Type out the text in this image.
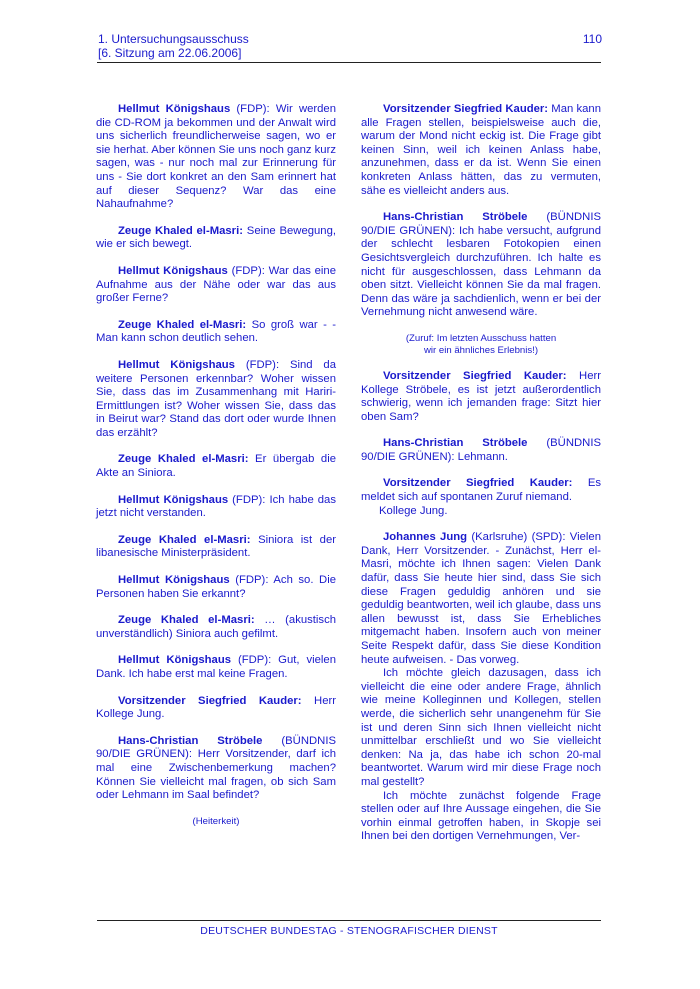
1. Untersuchungsausschuss
[6. Sitzung am 22.06.2006]
110
Hellmut Königshaus (FDP): Wir werden die CD-ROM ja bekommen und der Anwalt wird uns sicherlich freundlicherweise sagen, wo er sie herhat. Aber können Sie uns noch ganz kurz sagen, was - nur noch mal zur Erinnerung für uns - Sie dort konkret an den Sam erinnert hat auf dieser Sequenz? War das eine Nahaufnahme?
Zeuge Khaled el-Masri: Seine Bewegung, wie er sich bewegt.
Hellmut Königshaus (FDP): War das eine Aufnahme aus der Nähe oder war das aus großer Ferne?
Zeuge Khaled el-Masri: So groß war - - Man kann schon deutlich sehen.
Hellmut Königshaus (FDP): Sind da weitere Personen erkennbar? Woher wissen Sie, dass das im Zusammenhang mit Hariri-Ermittlungen ist? Woher wissen Sie, dass das in Beirut war? Stand das dort oder wurde Ihnen das erzählt?
Zeuge Khaled el-Masri: Er übergab die Akte an Siniora.
Hellmut Königshaus (FDP): Ich habe das jetzt nicht verstanden.
Zeuge Khaled el-Masri: Siniora ist der libanesische Ministerpräsident.
Hellmut Königshaus (FDP): Ach so. Die Personen haben Sie erkannt?
Zeuge Khaled el-Masri: … (akustisch unverständlich) Siniora auch gefilmt.
Hellmut Königshaus (FDP): Gut, vielen Dank. Ich habe erst mal keine Fragen.
Vorsitzender Siegfried Kauder: Herr Kollege Jung.
Hans-Christian Ströbele (BÜNDNIS 90/DIE GRÜNEN): Herr Vorsitzender, darf ich mal eine Zwischenbemerkung machen? Können Sie vielleicht mal fragen, ob sich Sam oder Lehmann im Saal befindet?
(Heiterkeit)
Vorsitzender Siegfried Kauder: Man kann alle Fragen stellen, beispielsweise auch die, warum der Mond nicht eckig ist. Die Frage gibt keinen Sinn, weil ich keinen Anlass habe, anzunehmen, dass er da ist. Wenn Sie einen konkreten Anlass hätten, das zu vermuten, sähe es vielleicht anders aus.
Hans-Christian Ströbele (BÜNDNIS 90/DIE GRÜNEN): Ich habe versucht, aufgrund der schlecht lesbaren Fotokopien einen Gesichtsvergleich durchzuführen. Ich halte es nicht für ausgeschlossen, dass Lehmann da oben sitzt. Vielleicht können Sie da mal fragen. Denn das wäre ja sachdienlich, wenn er bei der Vernehmung nicht anwesend wäre.
(Zuruf: Im letzten Ausschuss hatten
wir ein ähnliches Erlebnis!)
Vorsitzender Siegfried Kauder: Herr Kollege Ströbele, es ist jetzt außerordentlich schwierig, wenn ich jemanden frage: Sitzt hier oben Sam?
Hans-Christian Ströbele (BÜNDNIS 90/DIE GRÜNEN): Lehmann.
Vorsitzender Siegfried Kauder: Es meldet sich auf spontanen Zuruf niemand.
Kollege Jung.
Johannes Jung (Karlsruhe) (SPD): Vielen Dank, Herr Vorsitzender. - Zunächst, Herr el-Masri, möchte ich Ihnen sagen: Vielen Dank dafür, dass Sie heute hier sind, dass Sie sich diese Fragen geduldig anhören und sie geduldig beantworten, weil ich glaube, dass uns allen bewusst ist, dass Sie Erhebliches mitgemacht haben. Insofern auch von meiner Seite Respekt dafür, dass Sie diese Kondition heute aufweisen. - Das vorweg.
Ich möchte gleich dazusagen, dass ich vielleicht die eine oder andere Frage, ähnlich wie meine Kolleginnen und Kollegen, stellen werde, die sicherlich sehr unangenehm für Sie ist und deren Sinn sich Ihnen vielleicht nicht unmittelbar erschließt und wo Sie vielleicht denken: Na ja, das habe ich schon 20-mal beantwortet. Warum wird mir diese Frage noch mal gestellt?
Ich möchte zunächst folgende Frage stellen oder auf Ihre Aussage eingehen, die Sie vorhin einmal getroffen haben, in Skopje sei Ihnen bei den dortigen Vernehmungen, Ver-
DEUTSCHER BUNDESTAG - STENOGRAFISCHER DIENST
